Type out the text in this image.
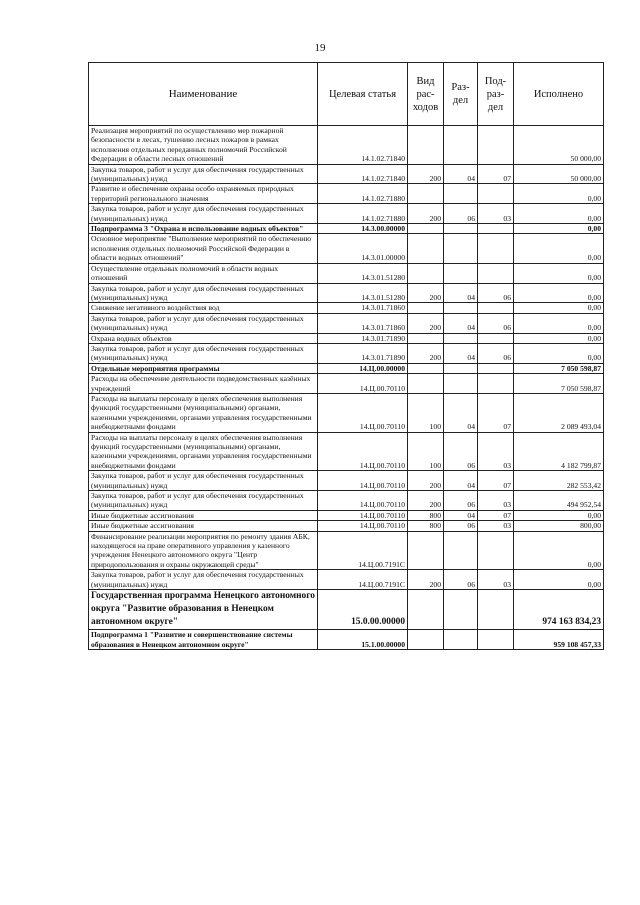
19
Наименование	Целевая статья	Вид рас-ходов	Раз-дел	Под-раз-дел	Исполнено
Реализация мероприятий по осуществлению мер пожарной безопасности в лесах, тушению лесных пожаров в рамках исполнения отдельных переданных полномочий Российской Федерации в области лесных отношений	14.1.02.71840				50 000,00
Закупка товаров, работ и услуг для обеспечения государственных (муниципальных) нужд	14.1.02.71840	200	04	07	50 000,00
Развитие и обеспечение охраны особо охраняемых природных территорий регионального значения	14.1.02.71880				0,00
Закупка товаров, работ и услуг для обеспечения государственных (муниципальных) нужд	14.1.02.71880	200	06	03	0,00
Подпрограмма 3 "Охрана и использование водных объектов"	14.3.00.00000				0,00
Основное мероприятие "Выполнение мероприятий по обеспечению исполнения отдельных полномочий Российской Федерации в области водных отношений"	14.3.01.00000				0,00
Осуществление отдельных полномочий в области водных отношений	14.3.01.51280				0,00
Закупка товаров, работ и услуг для обеспечения государственных (муниципальных) нужд	14.3.01.51280	200	04	06	0,00
Снижение негативного воздействия вод	14.3.01.71860				0,00
Закупка товаров, работ и услуг для обеспечения государственных (муниципальных) нужд	14.3.01.71860	200	04	06	0,00
Охрана водных объектов	14.3.01.71890				0,00
Закупка товаров, работ и услуг для обеспечения государственных (муниципальных) нужд	14.3.01.71890	200	04	06	0,00
Отдельные мероприятия программы	14.Ц.00.00000				7 050 598,87
Расходы на обеспечение деятельности подведомственных казённых учреждений	14.Ц.00.70110				7 050 598,87
Расходы на выплаты персоналу в целях обеспечения выполнения функций государственными (муниципальными) органами, казенными учреждениями, органами управления государственными внебюджетными фондами	14.Ц.00.70110	100	04	07	2 089 493,04
Расходы на выплаты персоналу в целях обеспечения выполнения функций государственными (муниципальными) органами, казенными учреждениями, органами управления государственными внебюджетными фондами	14.Ц.00.70110	100	06	03	4 182 799,87
Закупка товаров, работ и услуг для обеспечения государственных (муниципальных) нужд	14.Ц.00.70110	200	04	07	282 553,42
Закупка товаров, работ и услуг для обеспечения государственных (муниципальных) нужд	14.Ц.00.70110	200	06	03	494 952,54
Иные бюджетные ассигнования	14.Ц.00.70110	800	04	07	0,00
Иные бюджетные ассигнования	14.Ц.00.70110	800	06	03	800,00
Финансирование реализации мероприятия по ремонту здания АБК, находящегося на праве оперативного управления у казенного учреждения Ненецкого автономного округа "Центр природопользования и охраны окружающей среды"	14.Ц.00.7191С				0,00
Закупка товаров, работ и услуг для обеспечения государственных (муниципальных) нужд	14.Ц.00.7191С	200	06	03	0,00
Государственная программа Ненецкого автономного округа "Развитие образования в Ненецком автономном округе"	15.0.00.00000				974 163 834,23
Подпрограмма 1 "Развитие и совершенствование системы образования в Ненецком автономном округе"	15.1.00.00000				959 108 457,33
